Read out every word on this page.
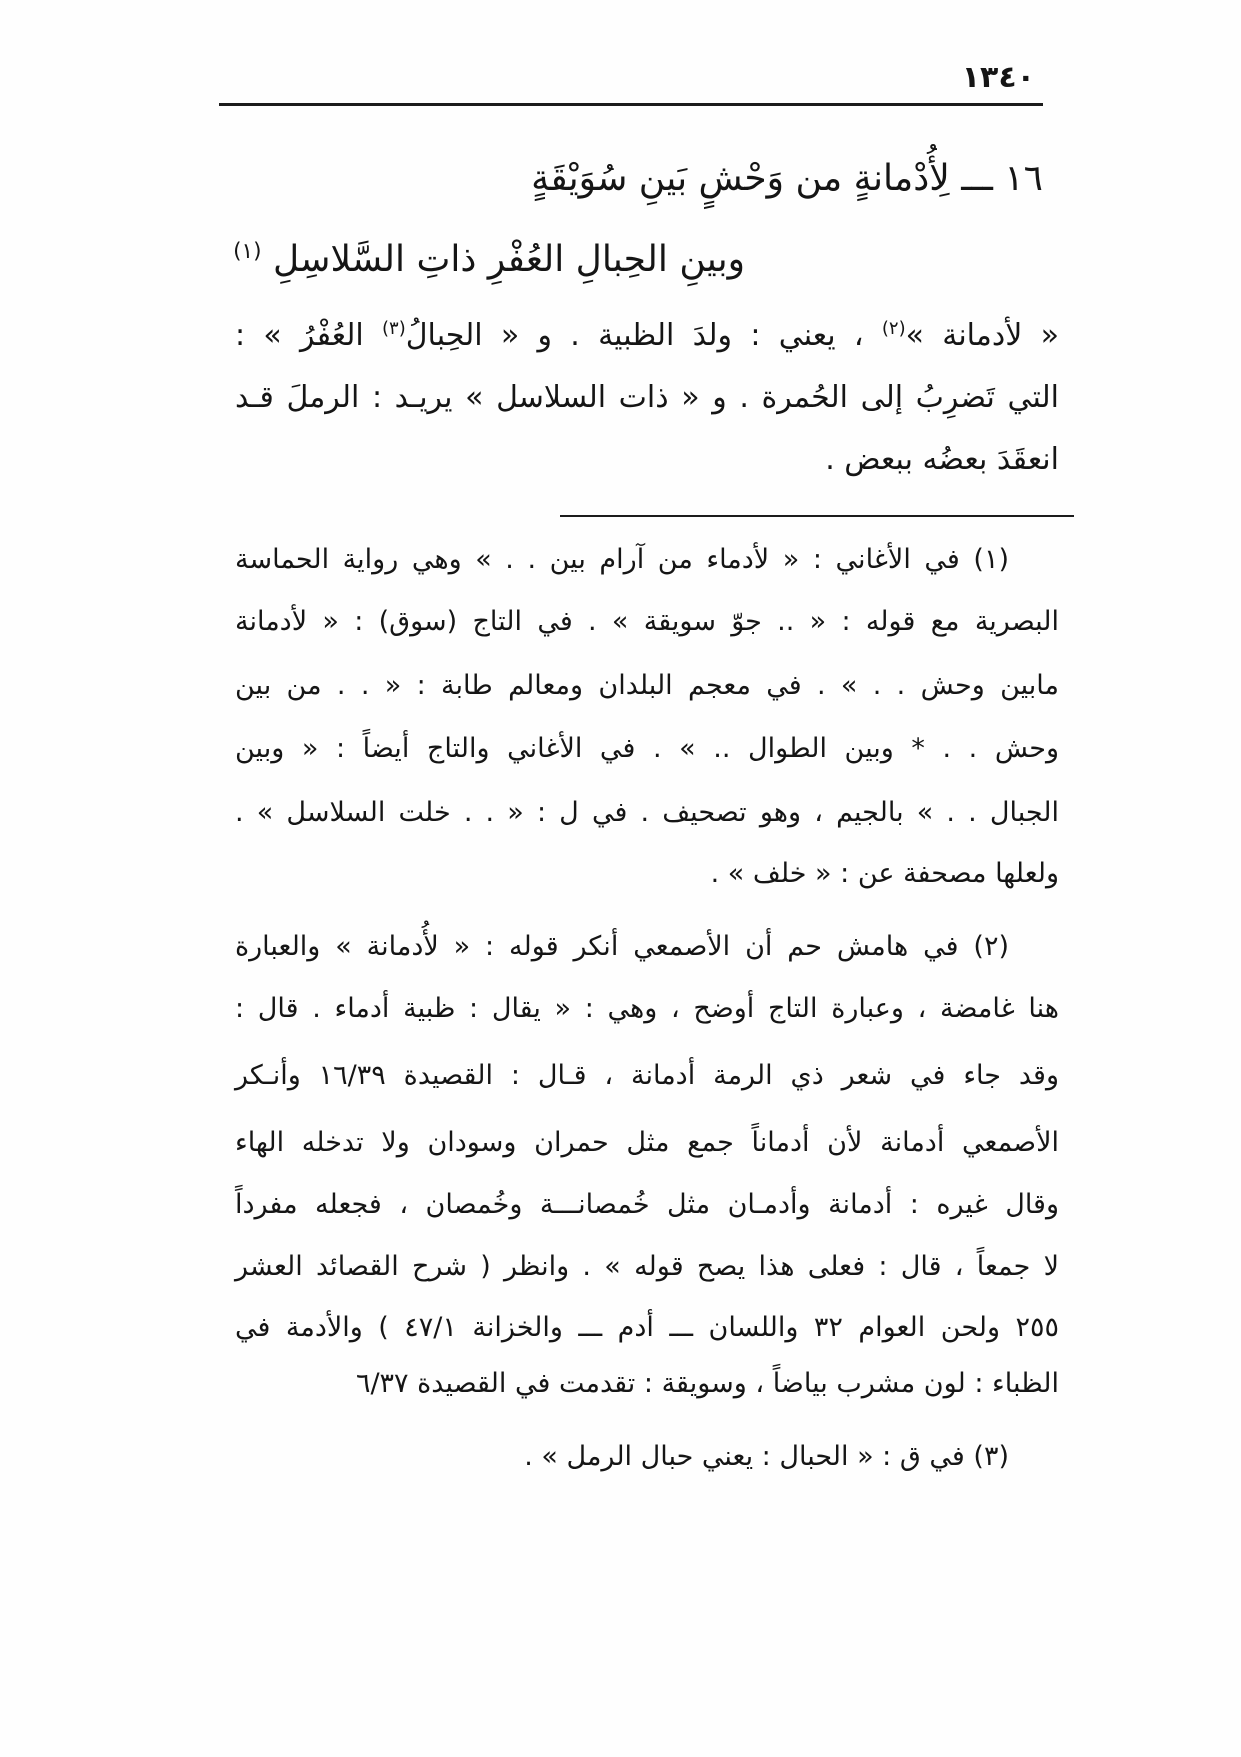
١٣٤٠
١٦ ـــ لِأُدْمانةٍ من وَحْشٍ بَينِ سُوَيْقَةٍ
وبينِ الحِبالِ العُفْرِ ذاتِ السَّلاسِلِ $^{(١)}$
« لأدمانة »$^{(٢)}$ ، يعني : ولدَ الظبية . و « الحِبالُ$^{(٣)}$ العُفْرُ » :
التي تَضرِبُ إلى الحُمرة . و « ذات السلاسل » يريـد : الرملَ قـد
انعقَدَ بعضُه ببعض .
(١) في الأغاني : « لأدماء من آرام بين . . » وهي رواية الحماسة
البصرية مع قوله : « .. جوّ سويقة » . في التاج (سوق) : « لأدمانة
مابين وحش . . » . في معجم البلدان ومعالم طابة : « . . من بين
وحش . . * وبين الطوال .. » . في الأغاني والتاج أيضاً : « وبين
الجبال . . » بالجيم ، وهو تصحيف . في ل : « . . خلت السلاسل » .
ولعلها مصحفة عن : « خلف » .
(٢) في هامش حم أن الأصمعي أنكر قوله : « لأُدمانة » والعبارة
هنا غامضة ، وعبارة التاج أوضح ، وهي : « يقال : ظبية أدماء . قال :
وقد جاء في شعر ذي الرمة أدمانة ، قـال : القصيدة ١٦/٣٩ وأنـكر
الأصمعي أدمانة لأن أدماناً جمع مثل حمران وسودان ولا تدخله الهاء
وقال غيره : أدمانة وأدمـان مثل خُمصانـــة وخُمصان ، فجعله مفرداً
لا جمعاً ، قال : فعلى هذا يصح قوله » . وانظر ( شرح القصائد العشر
٢٥٥ ولحن العوام ٣٢ واللسان ـــ أدم ـــ والخزانة ٤٧/١ ) والأدمة في
الظباء : لون مشرب بياضاً ، وسويقة : تقدمت في القصيدة ٦/٣٧
(٣) في ق : « الحبال : يعني حبال الرمل » .
